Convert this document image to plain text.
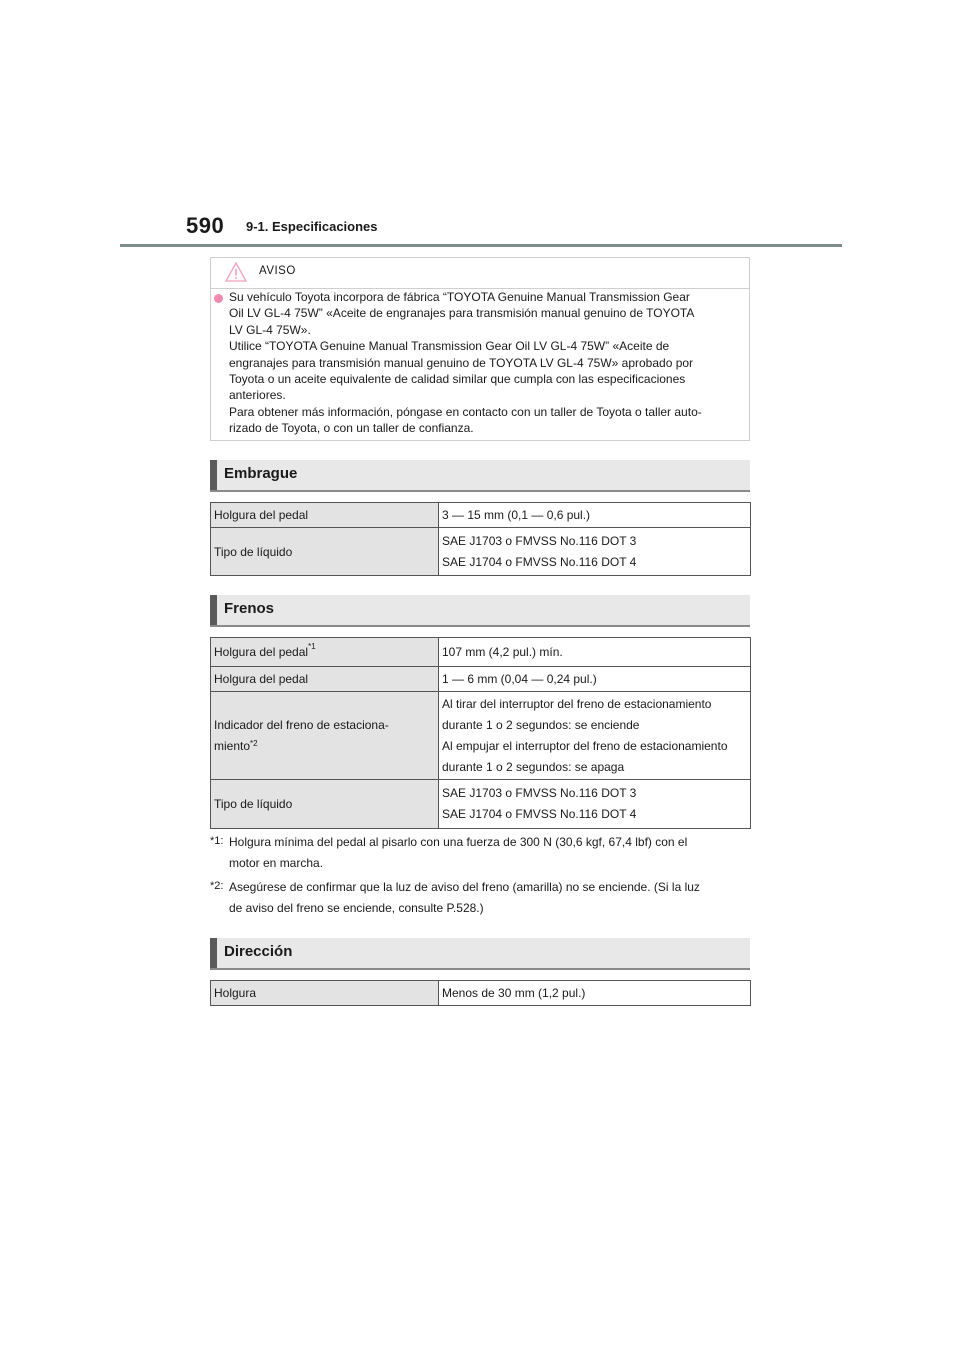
590 9-1. Especificaciones
AVISO

Su vehículo Toyota incorpora de fábrica “TOYOTA Genuine Manual Transmission Gear

Oil LV GL-4 75W” «Aceite de engranajes para transmisión manual genuino de TOYOTA

LV GL-4 75W».

Utilice “TOYOTA Genuine Manual Transmission Gear Oil LV GL-4 75W” «Aceite de

engranajes para transmisión manual genuino de TOYOTA LV GL-4 75W» aprobado por

Toyota o un aceite equivalente de calidad similar que cumpla con las especificaciones

anteriores.

Para obtener más información, póngase en contacto con un taller de Toyota o taller auto-

rizado de Toyota, o con un taller de confianza.

Embrague
Holgura del pedal	3 — 15 mm (0,1 — 0,6 pul.)

Tipo de líquido	SAE J1703 o FMVSS No.116 DOT 3
SAE J1704 o FMVSS No.116 DOT 4
Frenos
Holgura del pedal$^{*1}$	107 mm (4,2 pul.) mín.

Holgura del pedal	1 — 6 mm (0,04 — 0,24 pul.)

Indicador del freno de estaciona-
miento$^{*2}$	Al tirar del interruptor del freno de estacionamiento
durante 1 o 2 segundos: se enciende
Al empujar el interruptor del freno de estacionamiento
durante 1 o 2 segundos: se apaga

Tipo de líquido	SAE J1703 o FMVSS No.116 DOT 3
SAE J1704 o FMVSS No.116 DOT 4
*1: Holgura mínima del pedal al pisarlo con una fuerza de 300 N (30,6 kgf, 67,4 lbf) con el
motor en marcha.
*2: Asegúrese de confirmar que la luz de aviso del freno (amarilla) no se enciende. (Si la luz
de aviso del freno se enciende, consulte P.528.)
Dirección
Holgura	Menos de 30 mm (1,2 pul.)
